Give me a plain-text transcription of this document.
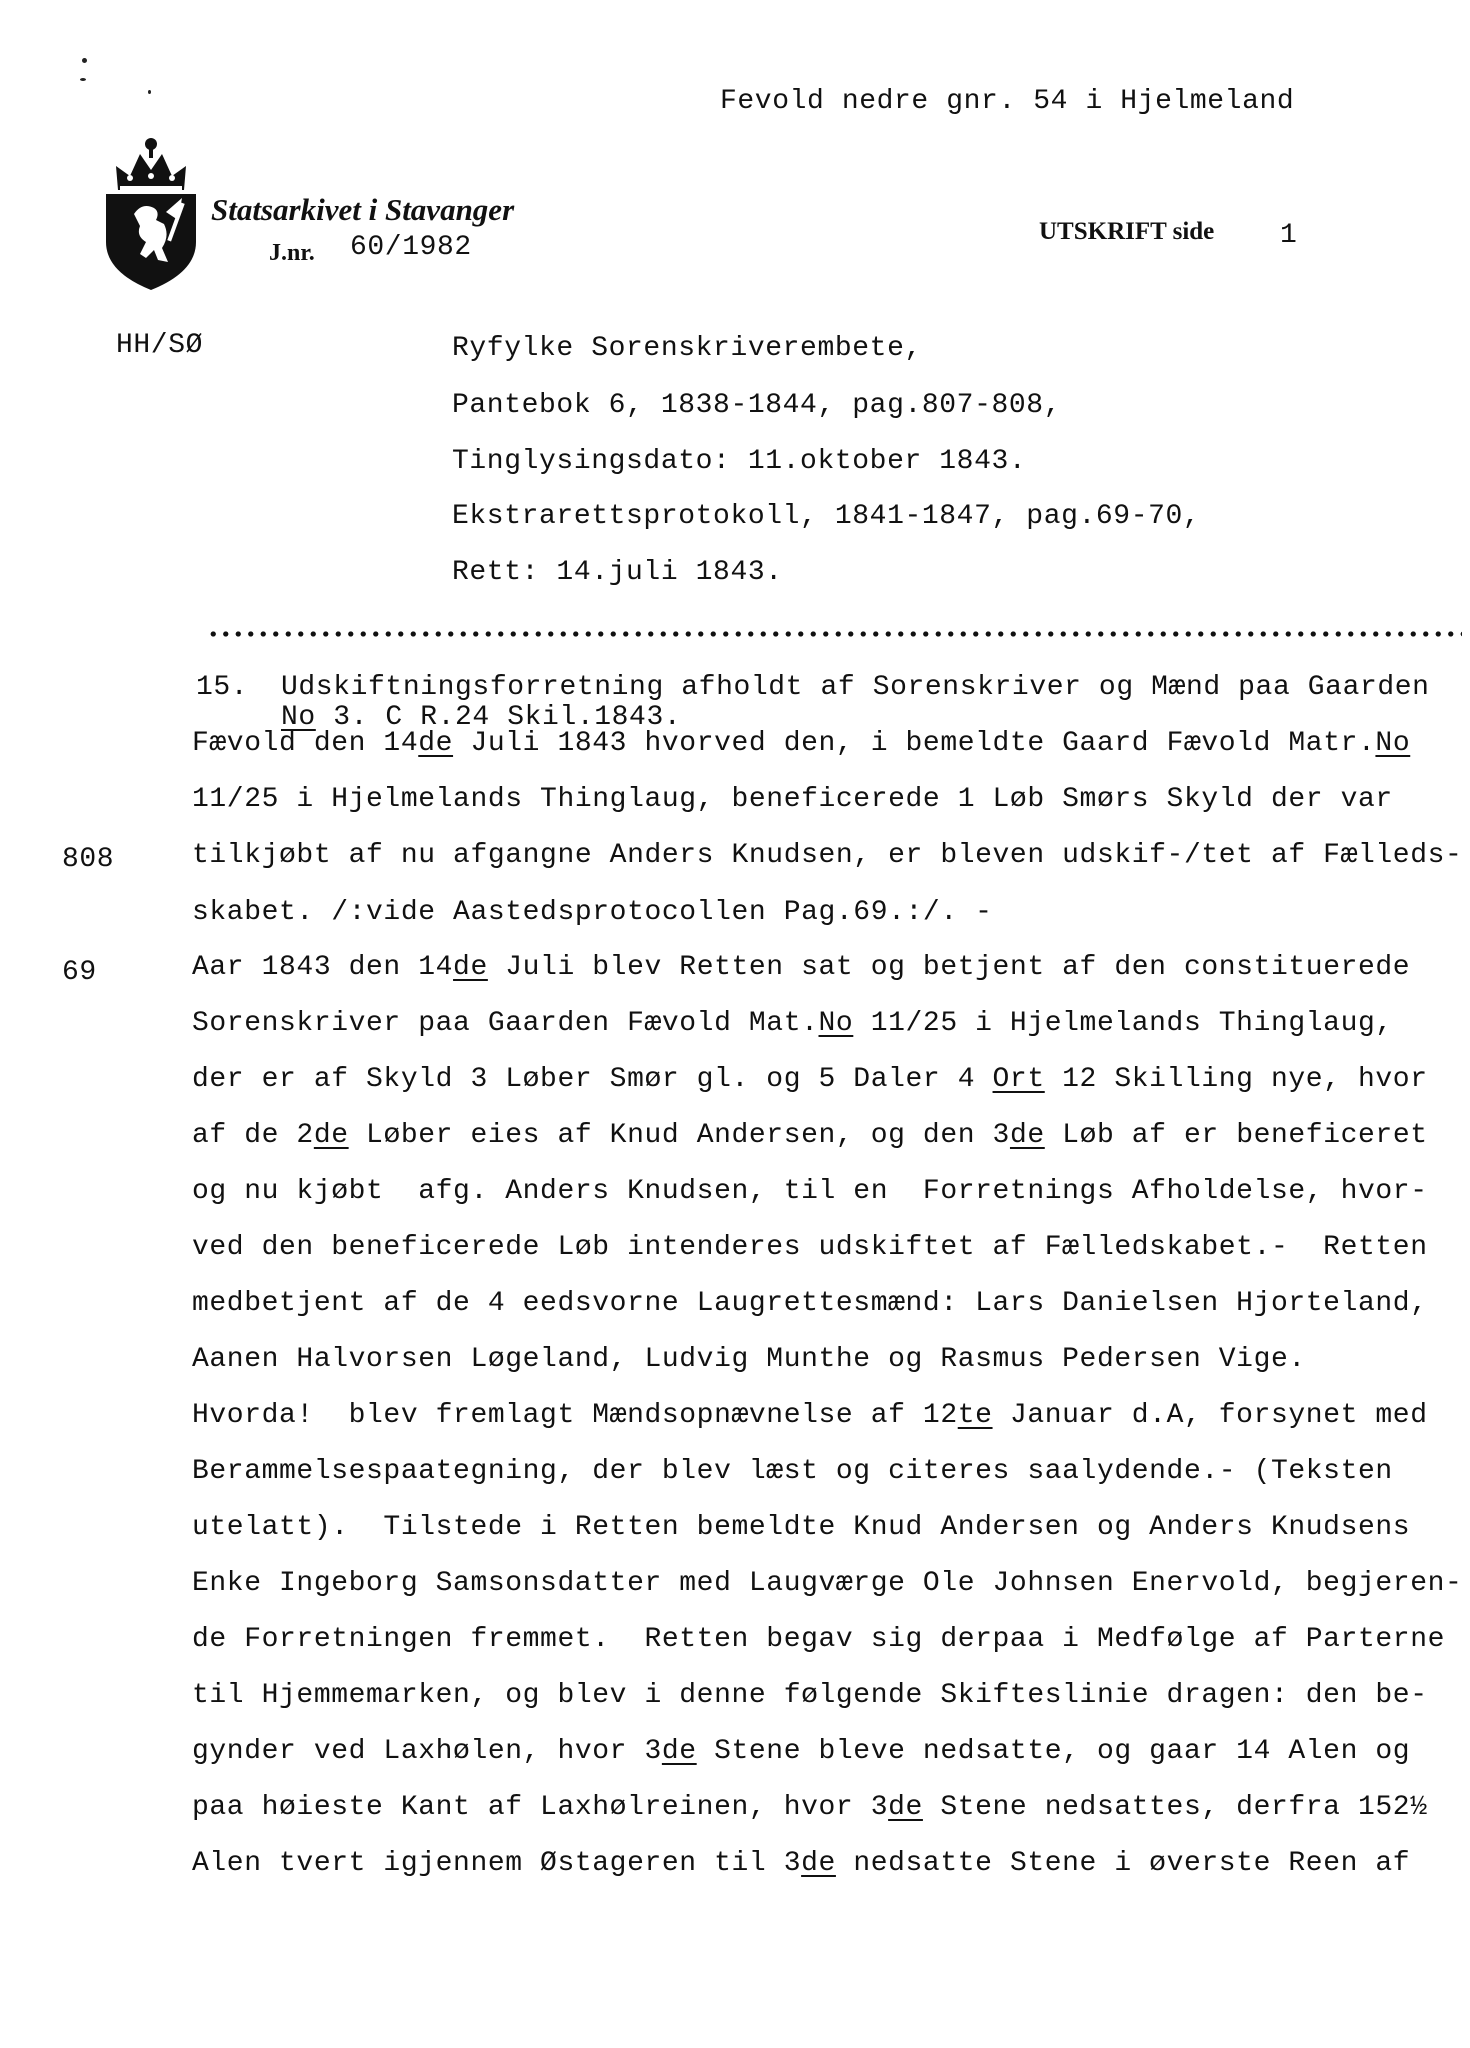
Fevold nedre gnr. 54 i Hjelmeland
Statsarkivet i Stavanger
J.nr. 60/1982
UTSKRIFT side 1
HH/SØ	Ryfylke Sorenskriverembete,
Pantebok 6, 1838-1844, pag.807-808,
Tinglysingsdato: 11.oktober 1843.
Ekstrarettsprotokoll, 1841-1847, pag.69-70,
Rett: 14.juli 1843.
15. Udskiftningsforretning afholdt af Sorenskriver og Mænd paa Gaarden
No 3. C R.24 Skil.1843.
808
69
Fævold den 14de Juli 1843 hvorved den, i bemeldte Gaard Fævold Matr.No
11/25 i Hjelmelands Thinglaug, beneficerede 1 Løb Smørs Skyld der var
tilkjøbt af nu afgangne Anders Knudsen, er bleven udskif-/tet af Fælleds-
skabet. /:vide Aastedsprotocollen Pag.69.:/. -
Aar 1843 den 14de Juli blev Retten sat og betjent af den constituerede
Sorenskriver paa Gaarden Fævold Mat.No 11/25 i Hjelmelands Thinglaug,
der er af Skyld 3 Løber Smør gl. og 5 Daler 4 Ort 12 Skilling nye, hvor
af de 2de Løber eies af Knud Andersen, og den 3de Løb af er beneficeret
og nu kjøbt  afg. Anders Knudsen, til en  Forretnings Afholdelse, hvor-
ved den beneficerede Løb intenderes udskiftet af Fælledskabet.-  Retten
medbetjent af de 4 eedsvorne Laugrettesmænd: Lars Danielsen Hjorteland,
Aanen Halvorsen Løgeland, Ludvig Munthe og Rasmus Pedersen Vige.
Hvorda!  blev fremlagt Mændsopnævnelse af 12te Januar d.A, forsynet med
Berammelsespaategning, der blev læst og citeres saalydende.- (Teksten
utelatt).  Tilstede i Retten bemeldte Knud Andersen og Anders Knudsens
Enke Ingeborg Samsonsdatter med Laugværge Ole Johnsen Enervold, begjeren-
de Forretningen fremmet.  Retten begav sig derpaa i Medfølge af Parterne
til Hjemmemarken, og blev i denne følgende Skifteslinie dragen: den be-
gynder ved Laxhølen, hvor 3de Stene bleve nedsatte, og gaar 14 Alen og
paa høieste Kant af Laxhølreinen, hvor 3de Stene nedsattes, derfra 152½
Alen tvert igjennem Østageren til 3de nedsatte Stene i øverste Reen af
